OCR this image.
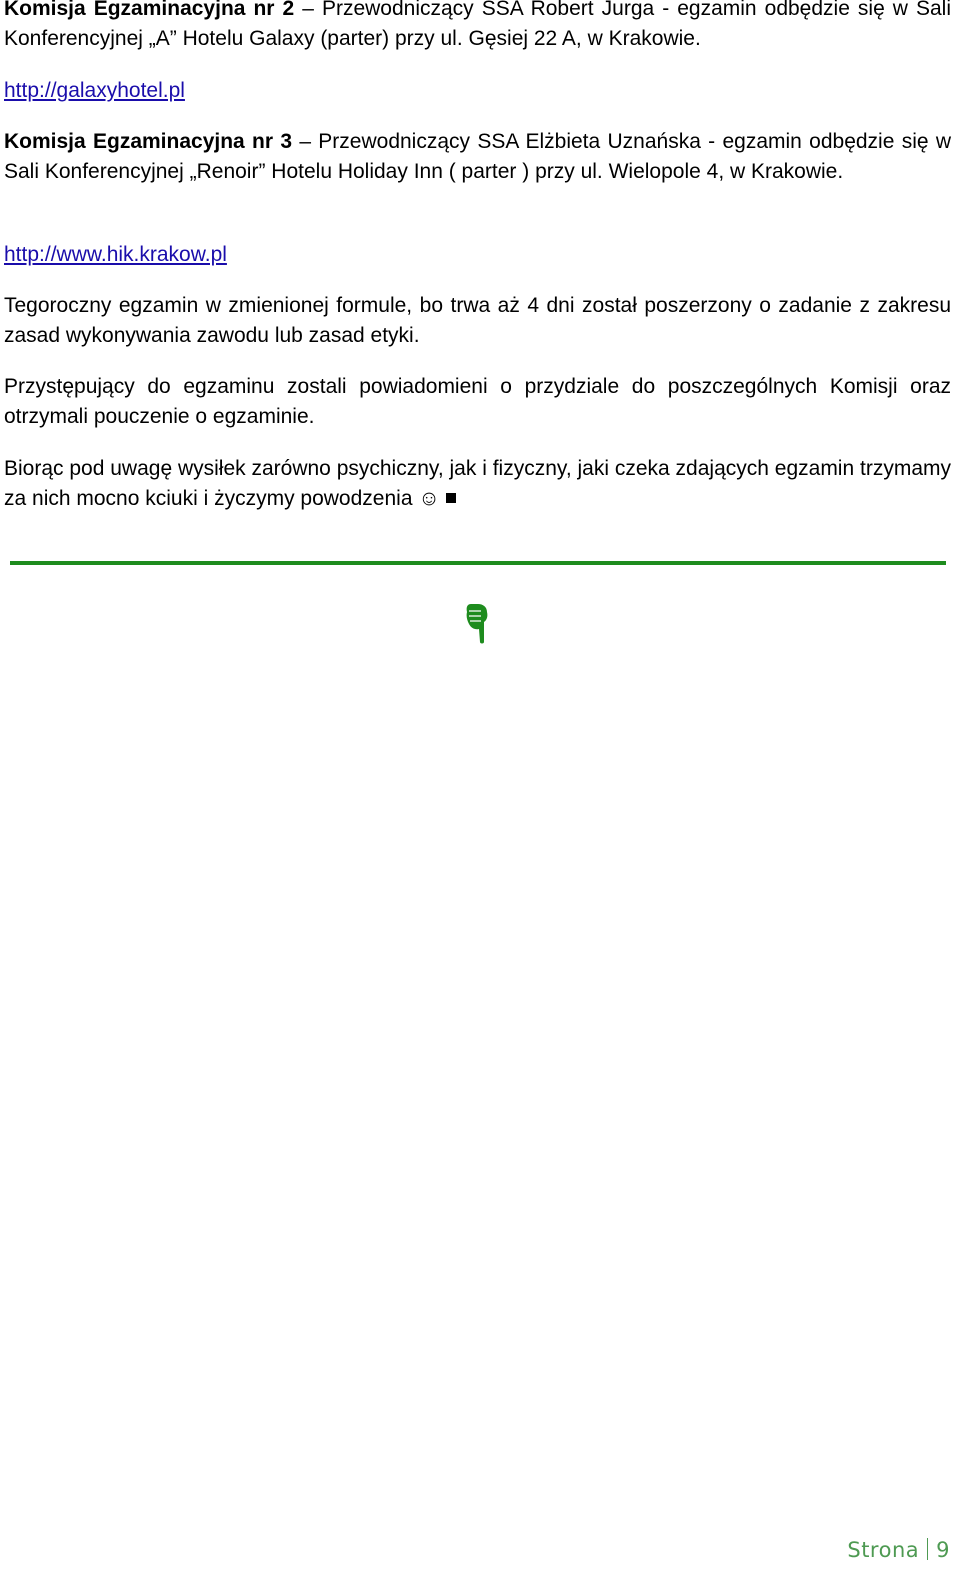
Komisja Egzaminacyjna nr 2 – Przewodniczący SSA Robert Jurga - egzamin odbędzie się w Sali Konferencyjnej „A” Hotelu Galaxy (parter) przy ul. Gęsiej 22 A, w Krakowie.

http://galaxyhotel.pl

Komisja Egzaminacyjna nr 3 – Przewodniczący SSA Elżbieta Uznańska - egzamin odbędzie się w Sali Konferencyjnej „Renoir” Hotelu Holiday Inn ( parter ) przy ul. Wielopole 4, w Krakowie.

http://www.hik.krakow.pl

Tegoroczny egzamin w zmienionej formule, bo trwa aż 4 dni został poszerzony o zadanie z zakresu zasad wykonywania zawodu lub zasad etyki.

Przystępujący do egzaminu zostali powiadomieni o przydziale do poszczególnych Komisji oraz otrzymali pouczenie o egzaminie.

Biorąc pod uwagę wysiłek zarówno psychiczny, jak i fizyczny, jaki czeka zdających egzamin trzymamy za nich mocno kciuki i życzymy powodzenia ☺

Strona 9
